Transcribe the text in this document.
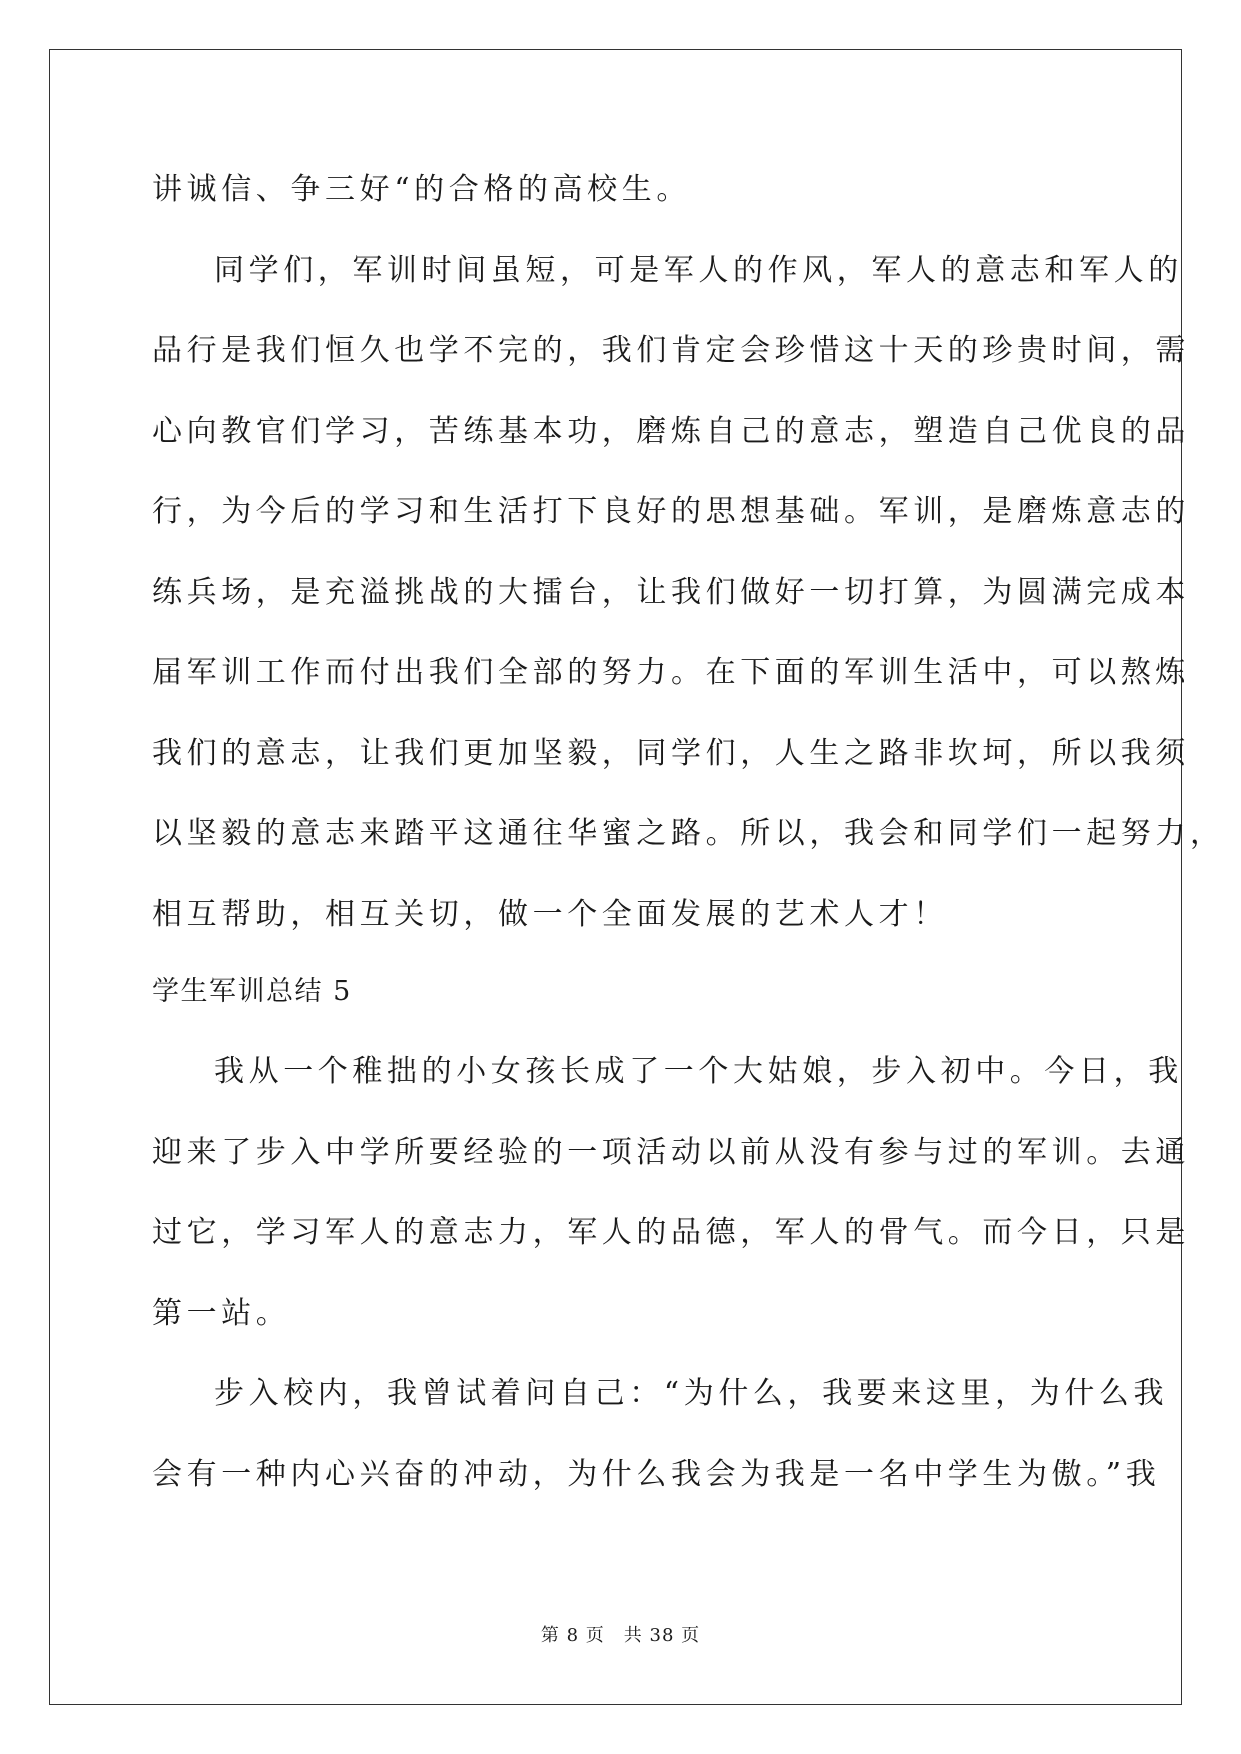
讲诚信、争三好“的合格的高校生。
同学们，军训时间虽短，可是军人的作风，军人的意志和军人的
品行是我们恒久也学不完的，我们肯定会珍惜这十天的珍贵时间，需
心向教官们学习，苦练基本功，磨炼自己的意志，塑造自己优良的品
行，为今后的学习和生活打下良好的思想基础。军训，是磨炼意志的
练兵场，是充溢挑战的大擂台，让我们做好一切打算，为圆满完成本
届军训工作而付出我们全部的努力。在下面的军训生活中，可以熬炼
我们的意志，让我们更加坚毅，同学们，人生之路非坎坷，所以我须
以坚毅的意志来踏平这通往华蜜之路。所以，我会和同学们一起努力，
相互帮助，相互关切，做一个全面发展的艺术人才！
学生军训总结 5
我从一个稚拙的小女孩长成了一个大姑娘，步入初中。今日，我
迎来了步入中学所要经验的一项活动以前从没有参与过的军训。去通
过它，学习军人的意志力，军人的品德，军人的骨气。而今日，只是
第一站。
步入校内，我曾试着问自己：“为什么，我要来这里，为什么我
会有一种内心兴奋的冲动，为什么我会为我是一名中学生为傲。”我
第 8 页　共 38 页
